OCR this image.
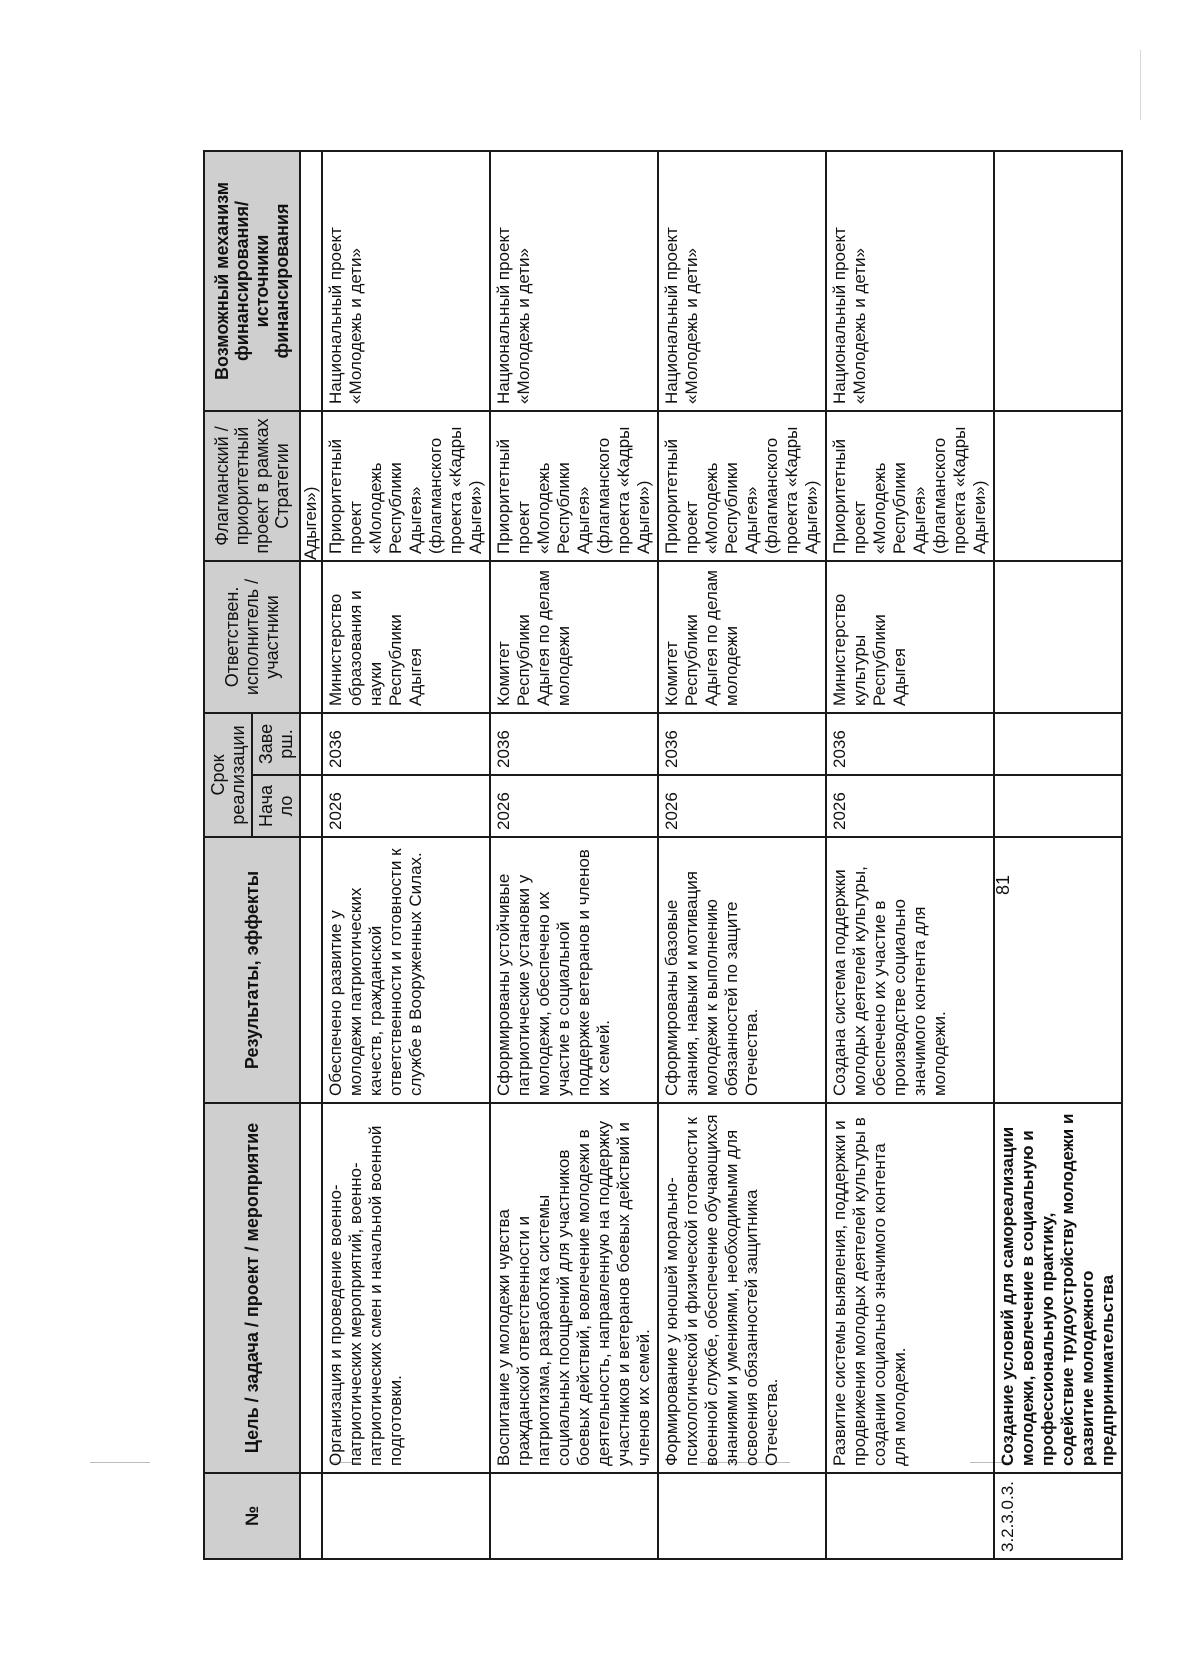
№	Цель / задача / проект / мероприятие	Результаты, эффекты	Срок реализации		Ответствен. исполнитель / участники	Флагманский / приоритетный проект в рамках Стратегии	Возможный механизм финансирования/ источники финансирования
			Начало	Заверш.			
						Адыгеи»)	
	Организация и проведение военно-патриотических мероприятий, военно-патриотических смен и начальной военной подготовки.	Обеспечено развитие у молодежи патриотических качеств, гражданской ответственности и готовности к службе в Вооруженных Силах.	2026	2036	Министерство образования и науки Республики Адыгея	Приоритетный проект «Молодежь Республики Адыгея» (флагманского проекта «Кадры Адыгеи»)	Национальный проект «Молодежь и дети»
	Воспитание у молодежи чувства гражданской ответственности и патриотизма, разработка системы социальных поощрений для участников боевых действий, вовлечение молодежи в деятельность, направленную на поддержку участников и ветеранов боевых действий и членов их семей.	Сформированы устойчивые патриотические установки у молодежи, обеспечено их участие в социальной поддержке ветеранов и членов их семей.	2026	2036	Комитет Республики Адыгея по делам молодежи	Приоритетный проект «Молодежь Республики Адыгея» (флагманского проекта «Кадры Адыгеи»)	Национальный проект «Молодежь и дети»
	Формирование у юношей морально-психологической и физической готовности к военной службе, обеспечение обучающихся знаниями и умениями, необходимыми для освоения обязанностей защитника Отечества.	Сформированы базовые знания, навыки и мотивация молодежи к выполнению обязанностей по защите Отечества.	2026	2036	Комитет Республики Адыгея по делам молодежи	Приоритетный проект «Молодежь Республики Адыгея» (флагманского проекта «Кадры Адыгеи»)	Национальный проект «Молодежь и дети»
	Развитие системы выявления, поддержки и продвижения молодых деятелей культуры в создании социально значимого контента для молодежи.	Создана система поддержки молодых деятелей культуры, обеспечено их участие в производстве социально значимого контента для молодежи.	2026	2036	Министерство культуры Республики Адыгея	Приоритетный проект «Молодежь Республики Адыгея» (флагманского проекта «Кадры Адыгеи»)	Национальный проект «Молодежь и дети»
3.2.3.0.3.	Создание условий для самореализации молодежи, вовлечение в социальную и профессиональную практику, содействие трудоустройству молодежи и развитие молодежного предпринимательства						
81
